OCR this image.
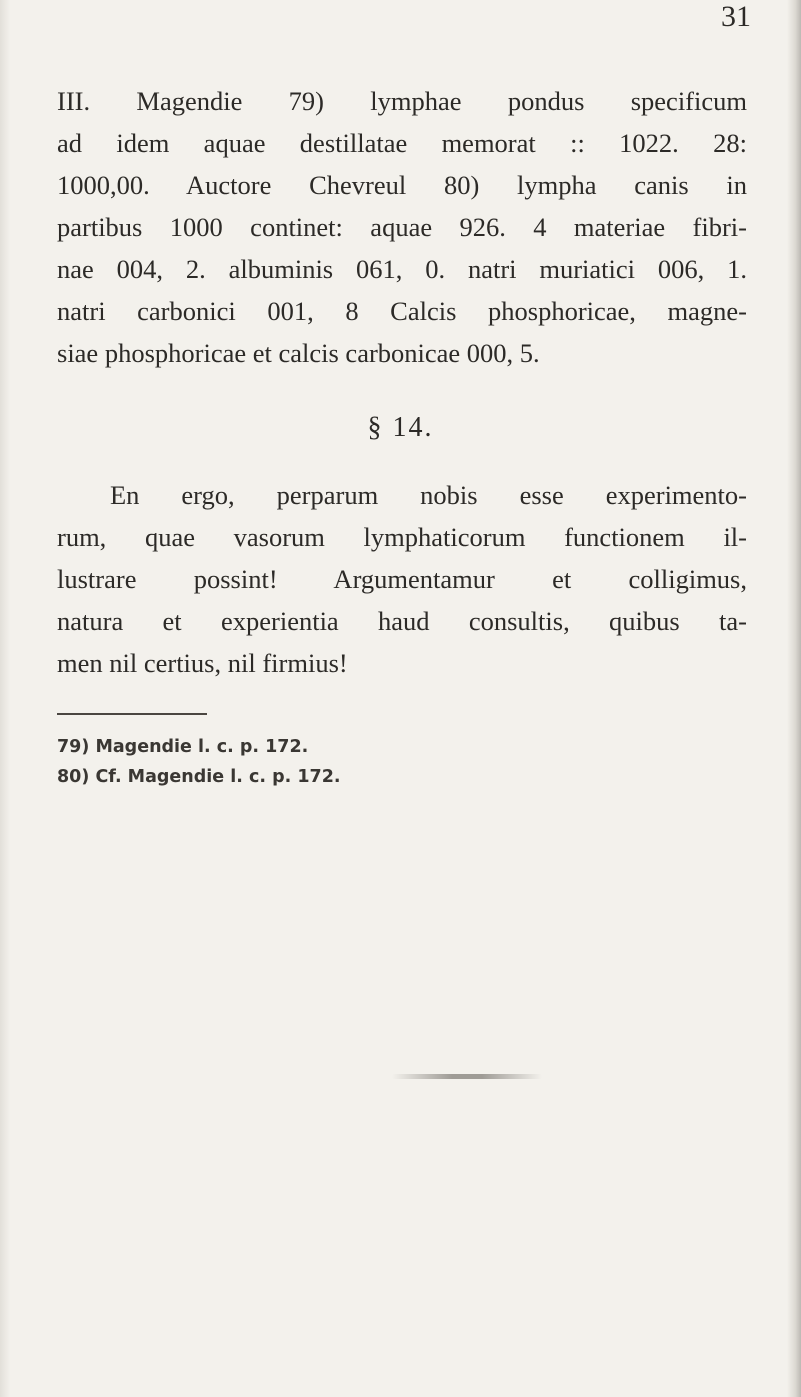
31
III. Magendie 79) lymphae pondus specificum
ad idem aquae destillatae memorat :: 1022. 28:
1000,00. Auctore Chevreul 80) lympha canis in
partibus 1000 continet: aquae 926. 4 materiae fibri-
nae 004, 2. albuminis 061, 0. natri muriatici 006, 1.
natri carbonici 001, 8 Calcis phosphoricae, magne-
siae phosphoricae et calcis carbonicae 000, 5.
§ 14.
En ergo, perparum nobis esse experimento-
rum, quae vasorum lymphaticorum functionem il-
lustrare possint! Argumentamur et colligimus,
natura et experientia haud consultis, quibus ta-
men nil certius, nil firmius!
79) Magendie l. c. p. 172.
80) Cf. Magendie l. c. p. 172.
